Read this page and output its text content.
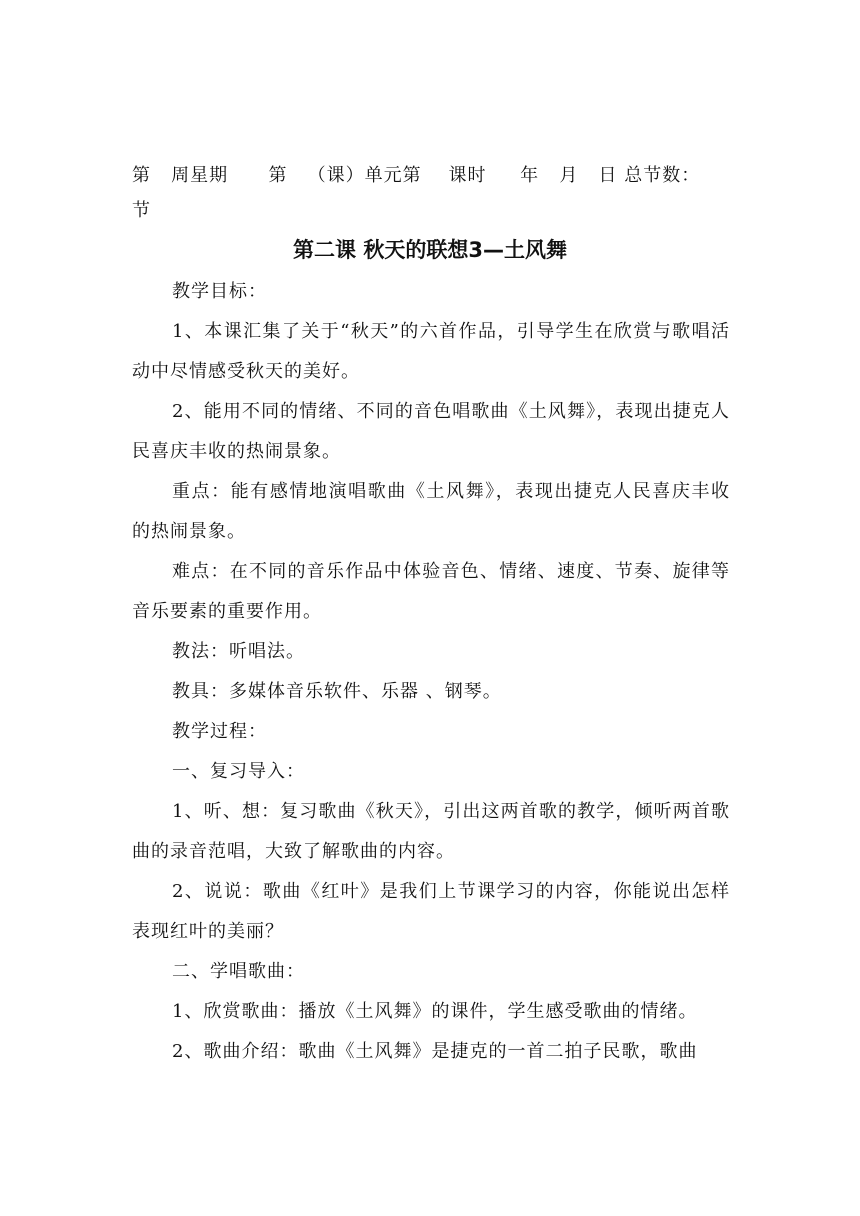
第   周星期      第   （课）单元第    课时     年   月   日 总节数：
节
第二课 秋天的联想3—土风舞

教学目标：

1、本课汇集了关于“秋天”的六首作品，引导学生在欣赏与歌唱活动中尽情感受秋天的美好。

2、能用不同的情绪、不同的音色唱歌曲《土风舞》，表现出捷克人民喜庆丰收的热闹景象。

重点：能有感情地演唱歌曲《土风舞》，表现出捷克人民喜庆丰收的热闹景象。

难点：在不同的音乐作品中体验音色、情绪、速度、节奏、旋律等音乐要素的重要作用。

教法：听唱法。

教具：多媒体音乐软件、乐器 、钢琴。

教学过程：

一、复习导入：

1、听、想：复习歌曲《秋天》，引出这两首歌的教学，倾听两首歌曲的录音范唱，大致了解歌曲的内容。

2、说说：歌曲《红叶》是我们上节课学习的内容，你能说出怎样表现红叶的美丽？

二、学唱歌曲：

1、欣赏歌曲：播放《土风舞》的课件，学生感受歌曲的情绪。

2、歌曲介绍：歌曲《土风舞》是捷克的一首二拍子民歌，歌曲
